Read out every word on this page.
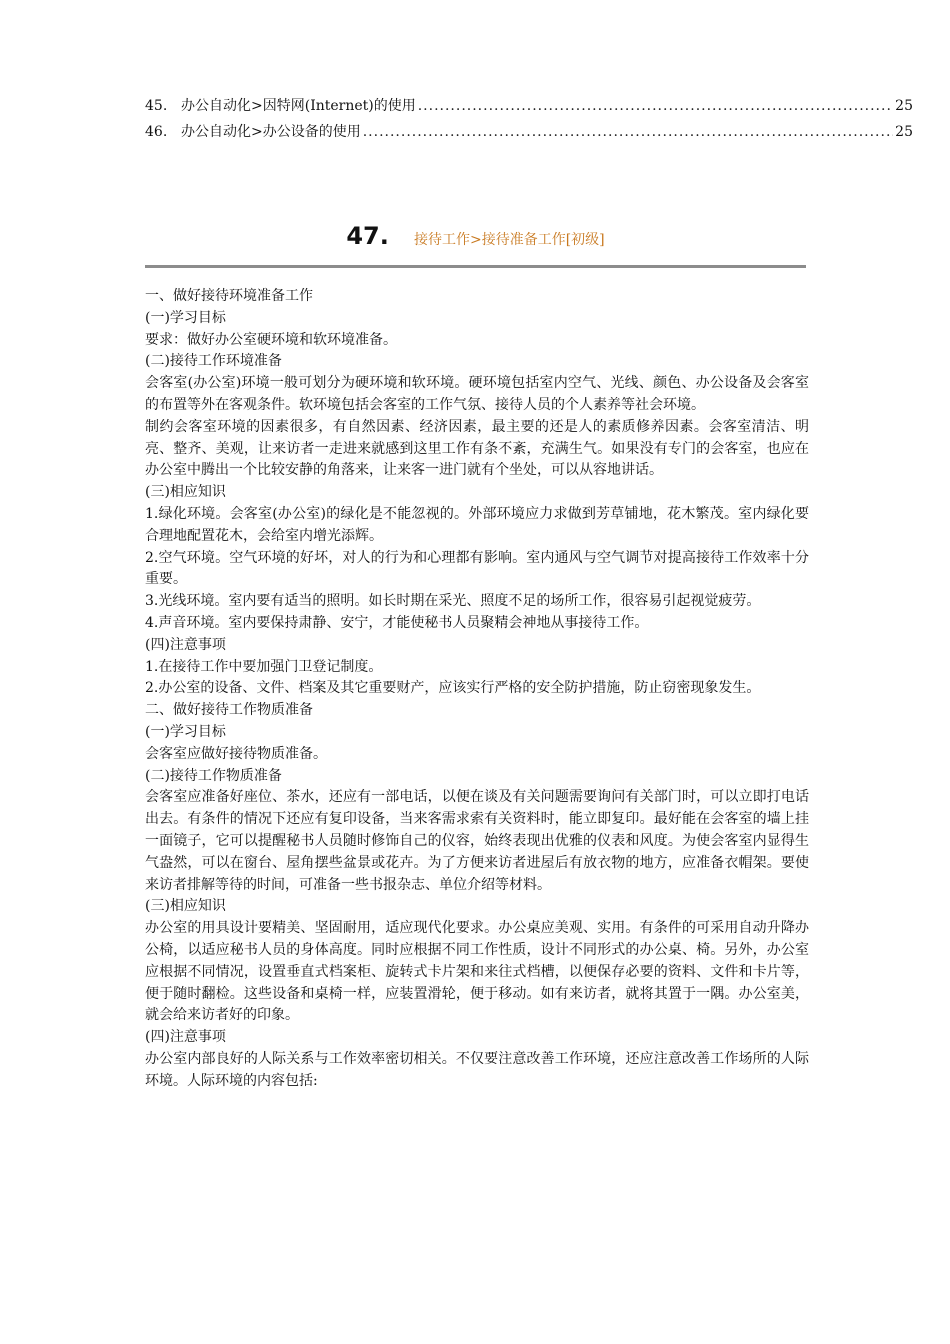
45. 办公自动化>因特网(Internet)的使用 .....	25
46. 办公自动化>办公设备的使用 .....	25
47. 接待工作>接待准备工作[初级]

一、做好接待环境准备工作

(一)学习目标

要求：做好办公室硬环境和软环境准备。

(二)接待工作环境准备

会客室(办公室)环境一般可划分为硬环境和软环境。硬环境包括室内空气、光线、颜色、办公设备及会客室的布置等外在客观条件。软环境包括会客室的工作气氛、接待人员的个人素养等社会环境。

制约会客室环境的因素很多，有自然因素、经济因素，最主要的还是人的素质修养因素。会客室清洁、明亮、整齐、美观，让来访者一走进来就感到这里工作有条不紊，充满生气。如果没有专门的会客室，也应在办公室中腾出一个比较安静的角落来，让来客一进门就有个坐处，可以从容地讲话。

(三)相应知识

1.绿化环境。会客室(办公室)的绿化是不能忽视的。外部环境应力求做到芳草铺地，花木繁茂。室内绿化要合理地配置花木，会给室内增光添辉。

2.空气环境。空气环境的好坏，对人的行为和心理都有影响。室内通风与空气调节对提高接待工作效率十分重要。

3.光线环境。室内要有适当的照明。如长时期在采光、照度不足的场所工作，很容易引起视觉疲劳。

4.声音环境。室内要保持肃静、安宁，才能使秘书人员聚精会神地从事接待工作。

(四)注意事项

1.在接待工作中要加强门卫登记制度。

2.办公室的设备、文件、档案及其它重要财产，应该实行严格的安全防护措施，防止窃密现象发生。

二、做好接待工作物质准备

(一)学习目标

会客室应做好接待物质准备。

(二)接待工作物质准备

会客室应准备好座位、茶水，还应有一部电话，以便在谈及有关问题需要询问有关部门时，可以立即打电话出去。有条件的情况下还应有复印设备，当来客需求索有关资料时，能立即复印。最好能在会客室的墙上挂一面镜子，它可以提醒秘书人员随时修饰自己的仪容，始终表现出优雅的仪表和风度。为使会客室内显得生气盎然，可以在窗台、屋角摆些盆景或花卉。为了方便来访者进屋后有放衣物的地方，应准备衣帽架。要使来访者排解等待的时间，可准备一些书报杂志、单位介绍等材料。

(三)相应知识

办公室的用具设计要精美、坚固耐用，适应现代化要求。办公桌应美观、实用。有条件的可采用自动升降办公椅，以适应秘书人员的身体高度。同时应根据不同工作性质，设计不同形式的办公桌、椅。另外，办公室应根据不同情况，设置垂直式档案柜、旋转式卡片架和来往式档槽，以便保存必要的资料、文件和卡片等，便于随时翻检。这些设备和桌椅一样，应装置滑轮，便于移动。如有来访者，就将其置于一隅。办公室美，就会给来访者好的印象。

(四)注意事项

办公室内部良好的人际关系与工作效率密切相关。不仅要注意改善工作环境，还应注意改善工作场所的人际环境。人际环境的内容包括:
